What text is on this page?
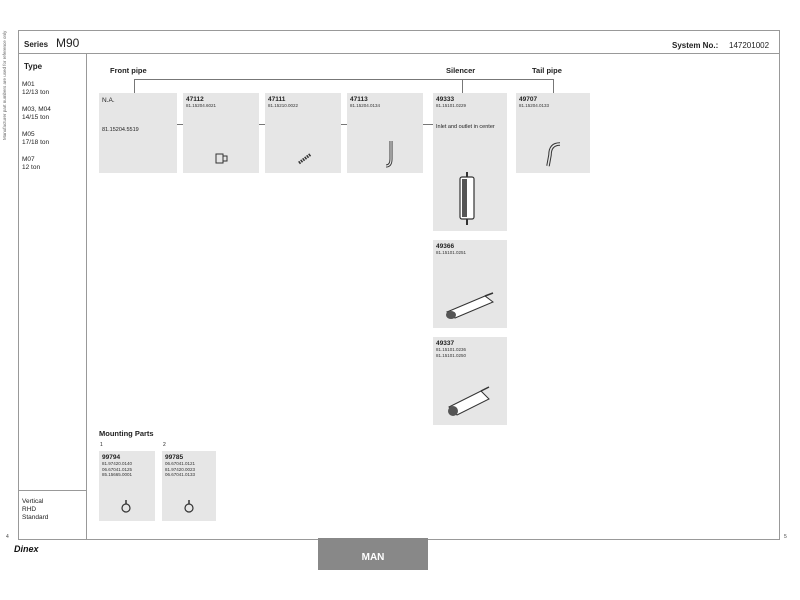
Series M90	System No.: 147201002
Manufacturer part numbers are used for reference only Type
M01
12/13 ton
M03, M04
14/15 ton
M05
17/18 ton
M07
12 ton
Vertical
RHD
Standard
Front pipe	Silencer	Tail pipe
Mounting Parts
N.A.
81.15204.5519
47112
81.15204.6021
47111
81.15210.0022
47113
81.15204.0134
49333
81.15101.0229
Inlet and outlet in center
49366
81.15101.0251
49337
81.15101.0236
81.15101.0250
49707
81.15204.0133
1
99794
81.97420.0140
06.67041.0125
85.15665.0001
2
99785
06.67041.0121
81.97420.0023
06.67041.0133
4	5
Dinex
MAN
